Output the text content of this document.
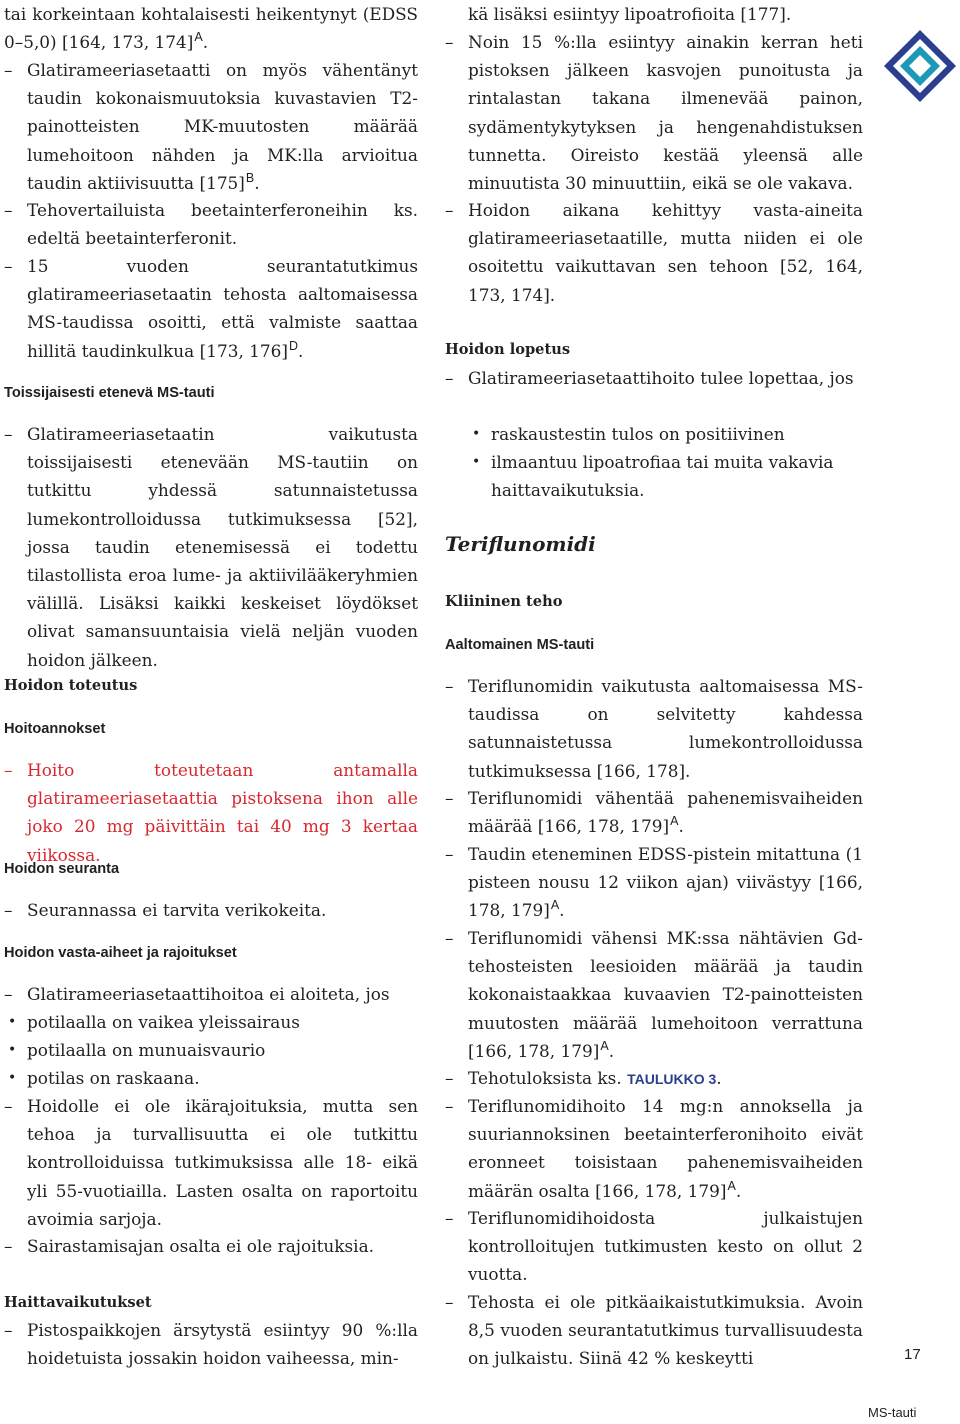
tai korkeintaan kohtalaisesti heikentynyt (EDSS 0–5,0) [164, 173, 174]$^A$.

– Glatirameeriasetaatti on myös vähentänyt taudin kokonaismuutoksia kuvastavien T2-painotteisten MK-muutosten määrää lumehoitoon nähden ja MK:lla arvioitua taudin aktiivisuutta $[175]^B$.

– Tehovertailuista beetainterferoneihin ks. edeltä beetainterferonit.

– 15 vuoden seurantatutkimus glatirameeriasetaatin tehosta aaltomaisessa MS-taudissa osoitti, että valmiste saattaa hillitä taudinkulkua [173, 176]$^D$.

Toissijaisesti etenevä MS-tauti

– Glatirameeriasetaatin vaikutusta toissijaisesti etenevään MS-tautiin on tutkittu yhdessä satunnaistetussa lumekontrolloidussa tutkimuksessa [52], jossa taudin etenemisessä ei todettu tilastollista eroa lume- ja aktiivilääkeryhmien välillä. Lisäksi kaikki keskeiset löydökset olivat samansuuntaisia vielä neljän vuoden hoidon jälkeen.

Hoidon toteutus
Hoitoannokset

– Hoito toteutetaan antamalla glatirameeriasetaattia pistoksena ihon alle joko 20 mg päivittäin tai 40 mg 3 kertaa viikossa.

Hoidon seuranta

– Seurannassa ei tarvita verikokeita.

Hoidon vasta-aiheet ja rajoitukset

– Glatirameeriasetaattihoitoa ei aloiteta, jos

• potilaalla on vaikea yleissairaus

• potilaalla on munuaisvaurio

• potilas on raskaana.

– Hoidolle ei ole ikärajoituksia, mutta sen tehoa ja turvallisuutta ei ole tutkittu kontrolloiduissa tutkimuksissa alle 18- eikä yli 55-vuotiailla. Lasten osalta on raportoitu avoimia sarjoja.

– Sairastamisajan osalta ei ole rajoituksia.

Haittavaikutukset

– Pistospaikkojen ärsytystä esiintyy 90 %:lla hoidetuista jossakin hoidon vaiheessa, min-

kä lisäksi esiintyy lipoatrofioita [177].

– Noin 15 %:lla esiintyy ainakin kerran heti pistoksen jälkeen kasvojen punoitusta ja rintalastan takana ilmenevää painon, sydämentykytyksen ja hengenahdistuksen tunnetta. Oireisto kestää yleensä alle minuutista 30 minuuttiin, eikä se ole vakava.

– Hoidon aikana kehittyy vasta-aineita glatirameeriasetaatille, mutta niiden ei ole osoitettu vaikuttavan sen tehoon [52, 164, 173, 174].

Hoidon lopetus

– Glatirameeriasetaattihoito tulee lopettaa, jos

• raskaustestin tulos on positiivinen

• ilmaantuu lipoatrofiaa tai muita vakavia haittavaikutuksia.

Teriflunomidi
Kliininen teho
Aaltomainen MS-tauti

– Teriflunomidin vaikutusta aaltomaisessa MS-taudissa on selvitetty kahdessa satunnaistetussa lumekontrolloidussa tutkimuksessa [166, 178].

– Teriflunomidi vähentää pahenemisvaiheiden määrää [166, 178, 179]$^A$.

– Taudin eteneminen EDSS-pistein mitattuna (1 pisteen nousu 12 viikon ajan) viivästyy [166, 178, 179]$^A$.

– Teriflunomidi vähensi MK:ssa nähtävien Gd-tehosteisten leesioiden määrää ja taudin kokonaistaakkaa kuvaavien T2-painotteisten muutosten määrää lumehoitoon verrattuna [166, 178, 179]$^A$.

– Tehotuloksista ks. TAULUKKO 3.

– Teriflunomidihoito 14 mg:n annoksella ja suuriannoksinen beetainterferonihoito eivät eronneet toisistaan pahenemisvaiheiden määrän osalta [166, 178, 179]$^A$.

– Teriflunomidihoidosta julkaistujen kontrolloitujen tutkimusten kesto on ollut 2 vuotta.

– Tehosta ei ole pitkäaikaistutkimuksia. Avoin 8,5 vuoden seurantatutkimus turvallisuudesta on julkaistu. Siinä 42 % keskeytti	17
MS-tauti
